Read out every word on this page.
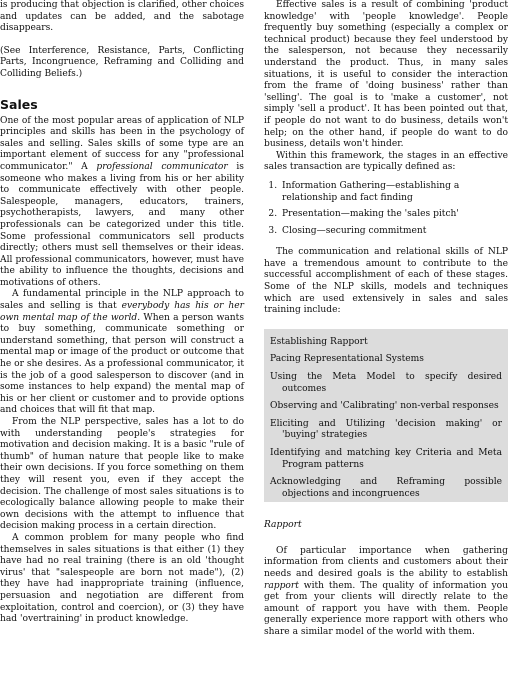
is producing that objection is clarified, other choices and updates can be added, and the sabotage disappears.

(See Interference, Resistance, Parts, Conflicting Parts, Incongruence, Reframing and Colliding and Colliding Beliefs.)

Sales

One of the most popular areas of application of NLP principles and skills has been in the psychology of sales and selling. Sales skills of some type are an important element of success for any "professional communicator." A professional communicator is someone who makes a living from his or her ability to communicate effectively with other people. Salespeople, managers, educators, trainers, psychotherapists, lawyers, and many other professionals can be categorized under this title. Some professional communicators sell products directly; others must sell themselves or their ideas. All professional communicators, however, must have the ability to influence the thoughts, decisions and motivations of others.

A fundamental principle in the NLP approach to sales and selling is that everybody has his or her own mental map of the world. When a person wants to buy something, communicate something or understand something, that person will construct a mental map or image of the product or outcome that he or she desires. As a professional communicator, it is the job of a good salesperson to discover (and in some instances to help expand) the mental map of his or her client or customer and to provide options and choices that will fit that map.

From the NLP perspective, sales has a lot to do with understanding people's strategies for motivation and decision making. It is a basic "rule of thumb" of human nature that people like to make their own decisions. If you force something on them they will resent you, even if they accept the decision. The challenge of most sales situations is to ecologically balance allowing people to make their own decisions with the attempt to influence that decision making process in a certain direction.

A common problem for many people who find themselves in sales situations is that either (1) they have had no real training (there is an old 'thought virus' that "salespeople are born not made"), (2) they have had inappropriate training (influence, persuasion and negotiation are different from exploitation, control and coercion), or (3) they have had 'overtraining' in product knowledge.

Effective sales is a result of combining 'product knowledge' with 'people knowledge'. People frequently buy something (especially a complex or technical product) because they feel understood by the salesperson, not because they necessarily understand the product. Thus, in many sales situations, it is useful to consider the interaction from the frame of 'doing business' rather than 'selling'. The goal is to 'make a customer', not simply 'sell a product'. It has been pointed out that, if people do not want to do business, details won't help; on the other hand, if people do want to do business, details won't hinder.

Within this framework, the stages in an effective sales transaction are typically defined as:

1. Information Gathering—establishing a relationship and fact finding
2. Presentation—making the 'sales pitch'
3. Closing—securing commitment

The communication and relational skills of NLP have a tremendous amount to contribute to the successful accomplishment of each of these stages. Some of the NLP skills, models and techniques which are used extensively in sales and sales training include:

Establishing Rapport
Pacing Representational Systems
Using the Meta Model to specify desired outcomes
Observing and 'Calibrating' non-verbal responses
Eliciting and Utilizing 'decision making' or 'buying' strategies
Identifying and matching key Criteria and Meta Program patterns
Acknowledging and Reframing possible objections and incongruences
Rapport

Of particular importance when gathering information from clients and customers about their needs and desired goals is the ability to establish rapport with them. The quality of information you get from your clients will directly relate to the amount of rapport you have with them. People generally experience more rapport with others who share a similar model of the world with them.
